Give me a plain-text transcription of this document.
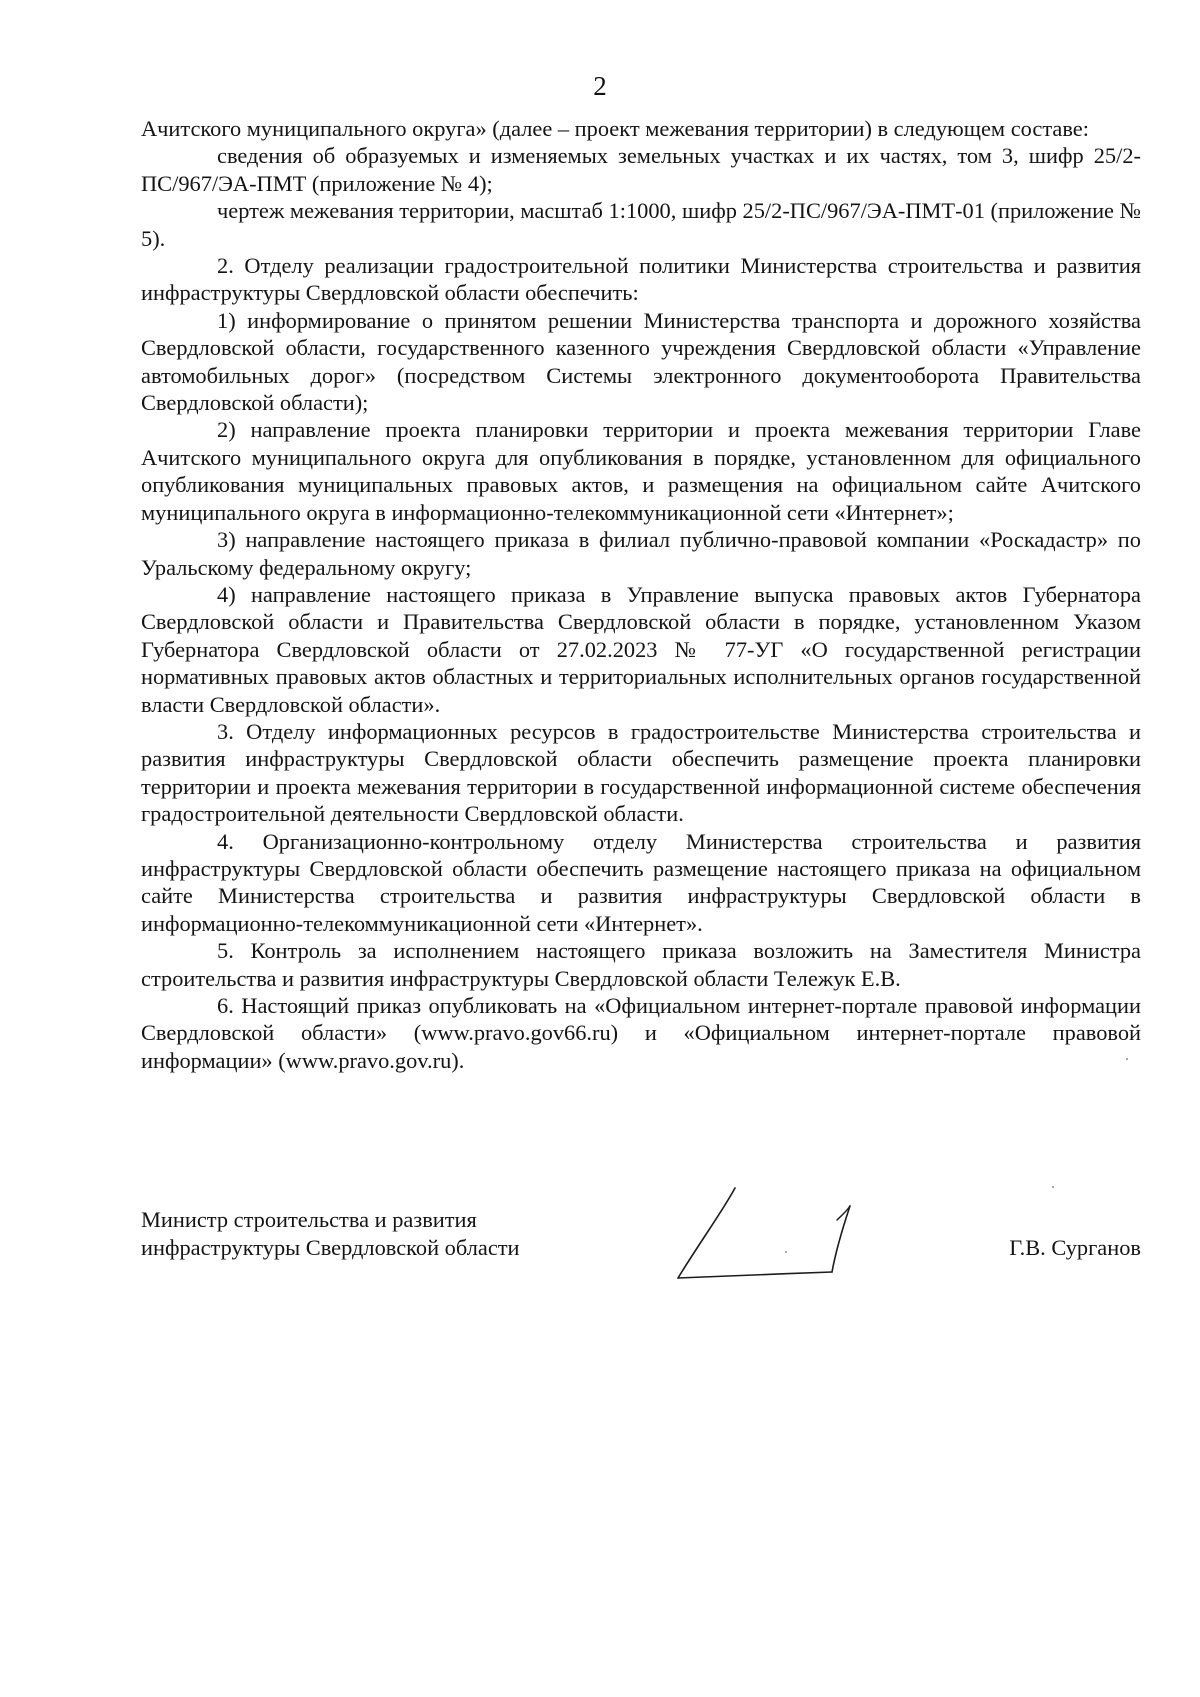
2

Ачитского муниципального округа» (далее – проект межевания территории) в следующем составе:

сведения об образуемых и изменяемых земельных участках и их частях, том 3, шифр 25/2-ПС/967/ЭА-ПМТ (приложение № 4);

чертеж межевания территории, масштаб 1:1000, шифр 25/2-ПС/967/ЭА-ПМТ-01 (приложение № 5).

2. Отделу реализации градостроительной политики Министерства строительства и развития инфраструктуры Свердловской области обеспечить:

1) информирование о принятом решении Министерства транспорта и дорожного хозяйства Свердловской области, государственного казенного учреждения Свердловской области «Управление автомобильных дорог» (посредством Системы электронного документооборота Правительства Свердловской области);

2) направление проекта планировки территории и проекта межевания территории Главе Ачитского муниципального округа для опубликования в порядке, установленном для официального опубликования муниципальных правовых актов, и размещения на официальном сайте Ачитского муниципального округа в информационно-телекоммуникационной сети «Интернет»;

3) направление настоящего приказа в филиал публично-правовой компании «Роскадастр» по Уральскому федеральному округу;

4) направление настоящего приказа в Управление выпуска правовых актов Губернатора Свердловской области и Правительства Свердловской области в порядке, установленном Указом Губернатора Свердловской области от 27.02.2023 № 77-УГ «О государственной регистрации нормативных правовых актов областных и территориальных исполнительных органов государственной власти Свердловской области».

3. Отделу информационных ресурсов в градостроительстве Министерства строительства и развития инфраструктуры Свердловской области обеспечить размещение проекта планировки территории и проекта межевания территории в государственной информационной системе обеспечения градостроительной деятельности Свердловской области.

4. Организационно-контрольному отделу Министерства строительства и развития инфраструктуры Свердловской области обеспечить размещение настоящего приказа на официальном сайте Министерства строительства и развития инфраструктуры Свердловской области в информационно-телекоммуникационной сети «Интернет».

5. Контроль за исполнением настоящего приказа возложить на Заместителя Министра строительства и развития инфраструктуры Свердловской области Тележук Е.В.

6. Настоящий приказ опубликовать на «Официальном интернет-портале правовой информации Свердловской области» (www.pravo.gov66.ru) и «Официальном интернет-портале правовой информации» (www.pravo.gov.ru).

Министр строительства и развития
инфраструктуры Свердловской области	Г.В. Сурганов
